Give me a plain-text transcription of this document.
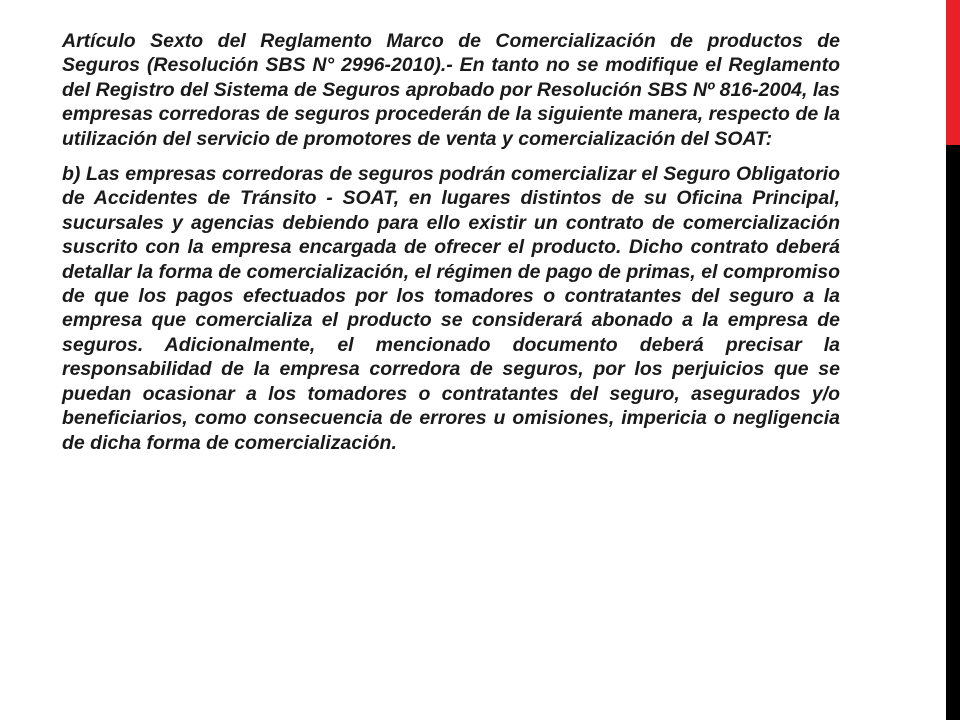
Artículo Sexto del Reglamento Marco de Comercialización de productos de Seguros (Resolución SBS N° 2996-2010).- En tanto no se modifique el Reglamento del Registro del Sistema de Seguros aprobado por Resolución SBS Nº 816-2004, las empresas corredoras de seguros procederán de la siguiente manera, respecto de la utilización del servicio de promotores de venta y comercialización del SOAT:

b) Las empresas corredoras de seguros podrán comercializar el Seguro Obligatorio de Accidentes de Tránsito - SOAT, en lugares distintos de su Oficina Principal, sucursales y agencias debiendo para ello existir un contrato de comercialización suscrito con la empresa encargada de ofrecer el producto. Dicho contrato deberá detallar la forma de comercialización, el régimen de pago de primas, el compromiso de que los pagos efectuados por los tomadores o contratantes del seguro a la empresa que comercializa el producto se considerará abonado a la empresa de seguros. Adicionalmente, el mencionado documento deberá precisar la responsabilidad de la empresa corredora de seguros, por los perjuicios que se puedan ocasionar a los tomadores o contratantes del seguro, asegurados y/o beneficiarios, como consecuencia de errores u omisiones, impericia o negligencia de dicha forma de comercialización.
